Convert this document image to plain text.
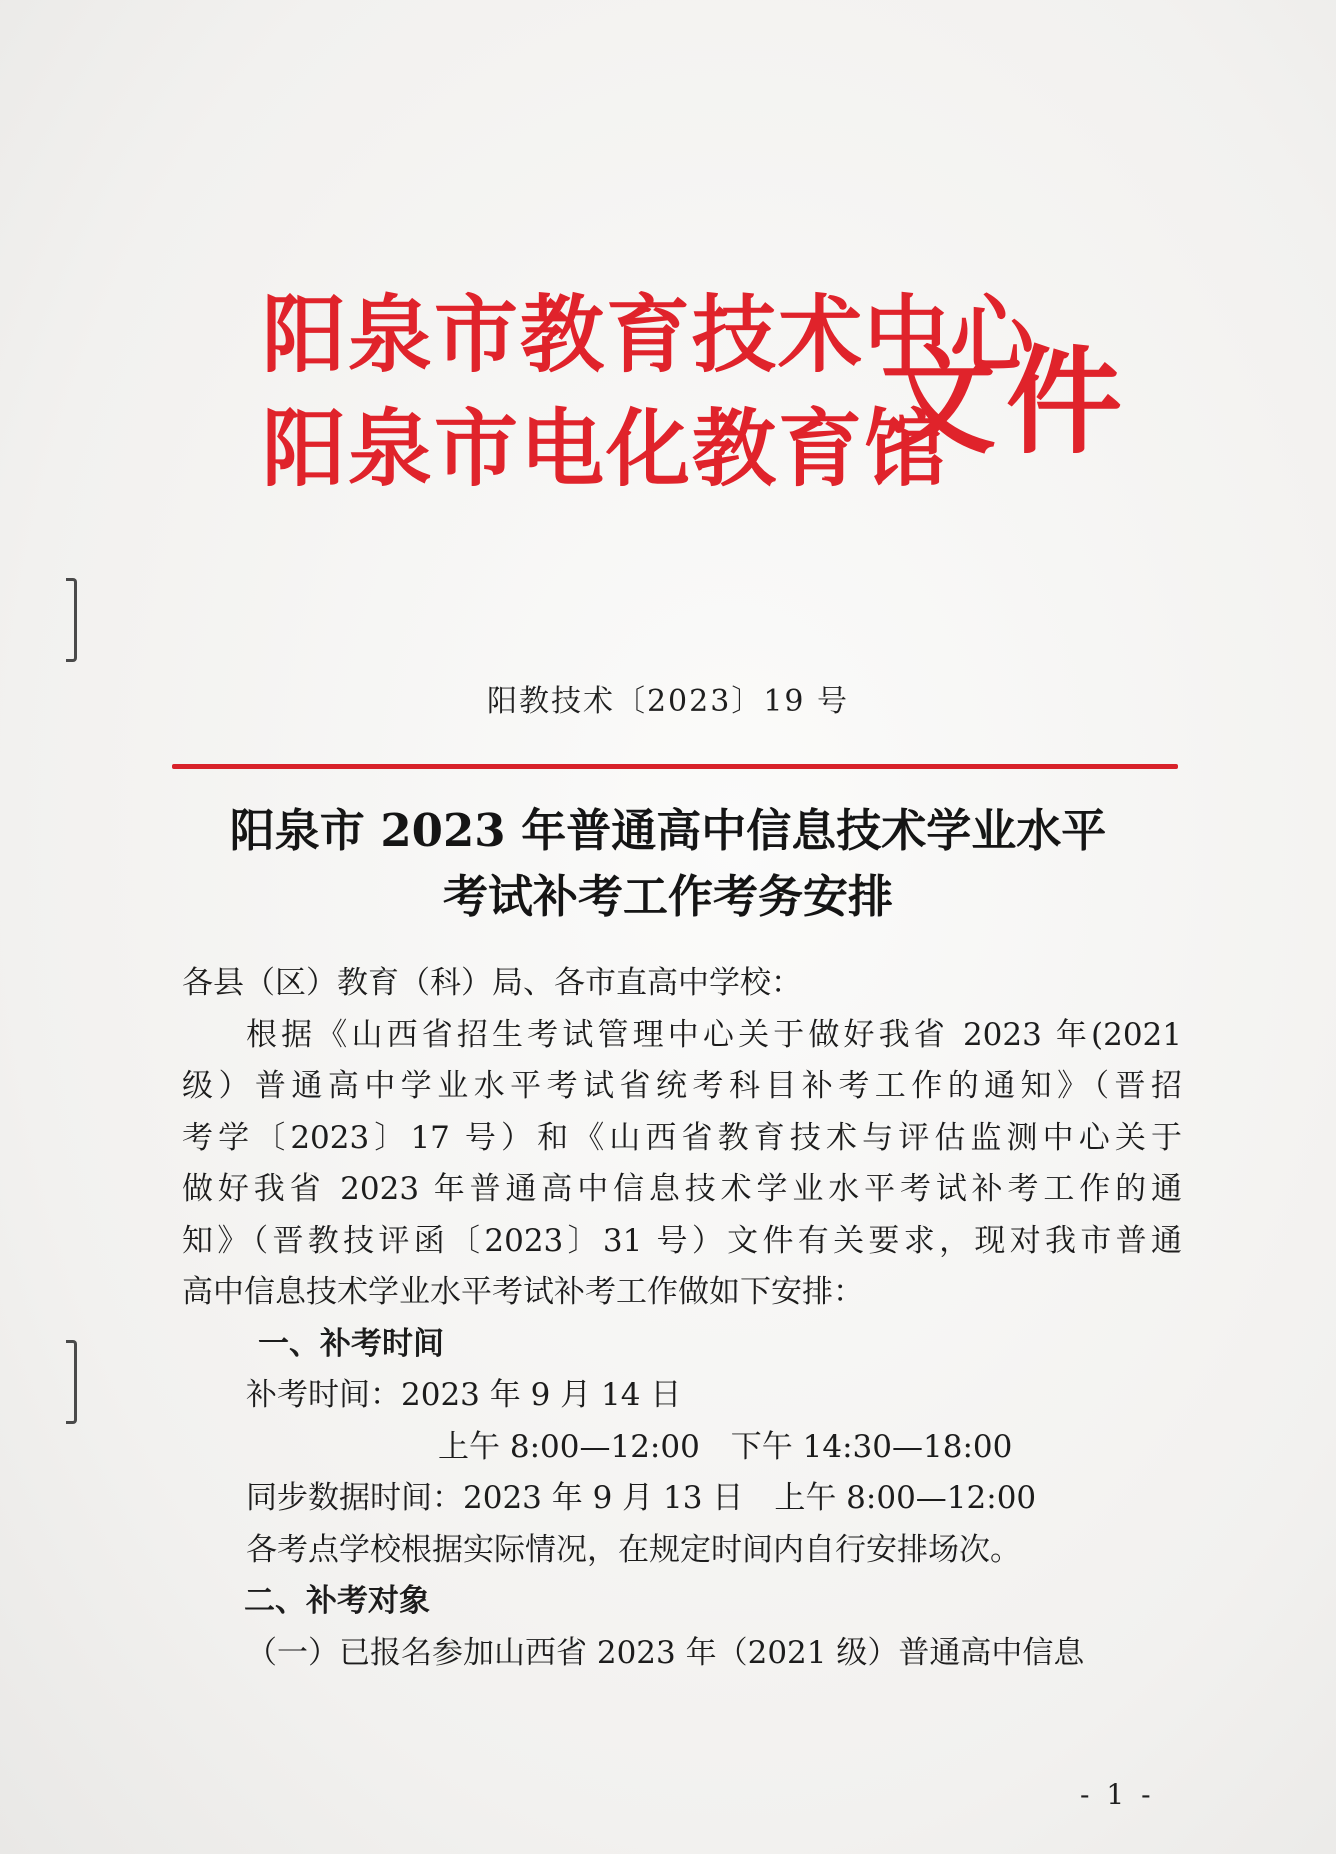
阳泉市教育技术中心
阳泉市电化教育馆
文件
阳教技术〔2023〕19 号
阳泉市 2023 年普通高中信息技术学业水平
考试补考工作考务安排
各县（区）教育（科）局、各市直高中学校：
根据《山西省招生考试管理中心关于做好我省 2023 年(2021
级）普通高中学业水平考试省统考科目补考工作的通知》（晋招
考学〔2023〕17 号）和《山西省教育技术与评估监测中心关于
做好我省 2023 年普通高中信息技术学业水平考试补考工作的通
知》（晋教技评函〔2023〕31 号）文件有关要求，现对我市普通
高中信息技术学业水平考试补考工作做如下安排：
一、补考时间
补考时间：2023 年 9 月 14 日
上午 8:00—12:00　下午 14:30—18:00
同步数据时间：2023 年 9 月 13 日　上午 8:00—12:00
各考点学校根据实际情况，在规定时间内自行安排场次。
二、补考对象
（一）已报名参加山西省 2023 年（2021 级）普通高中信息
- 1 -
